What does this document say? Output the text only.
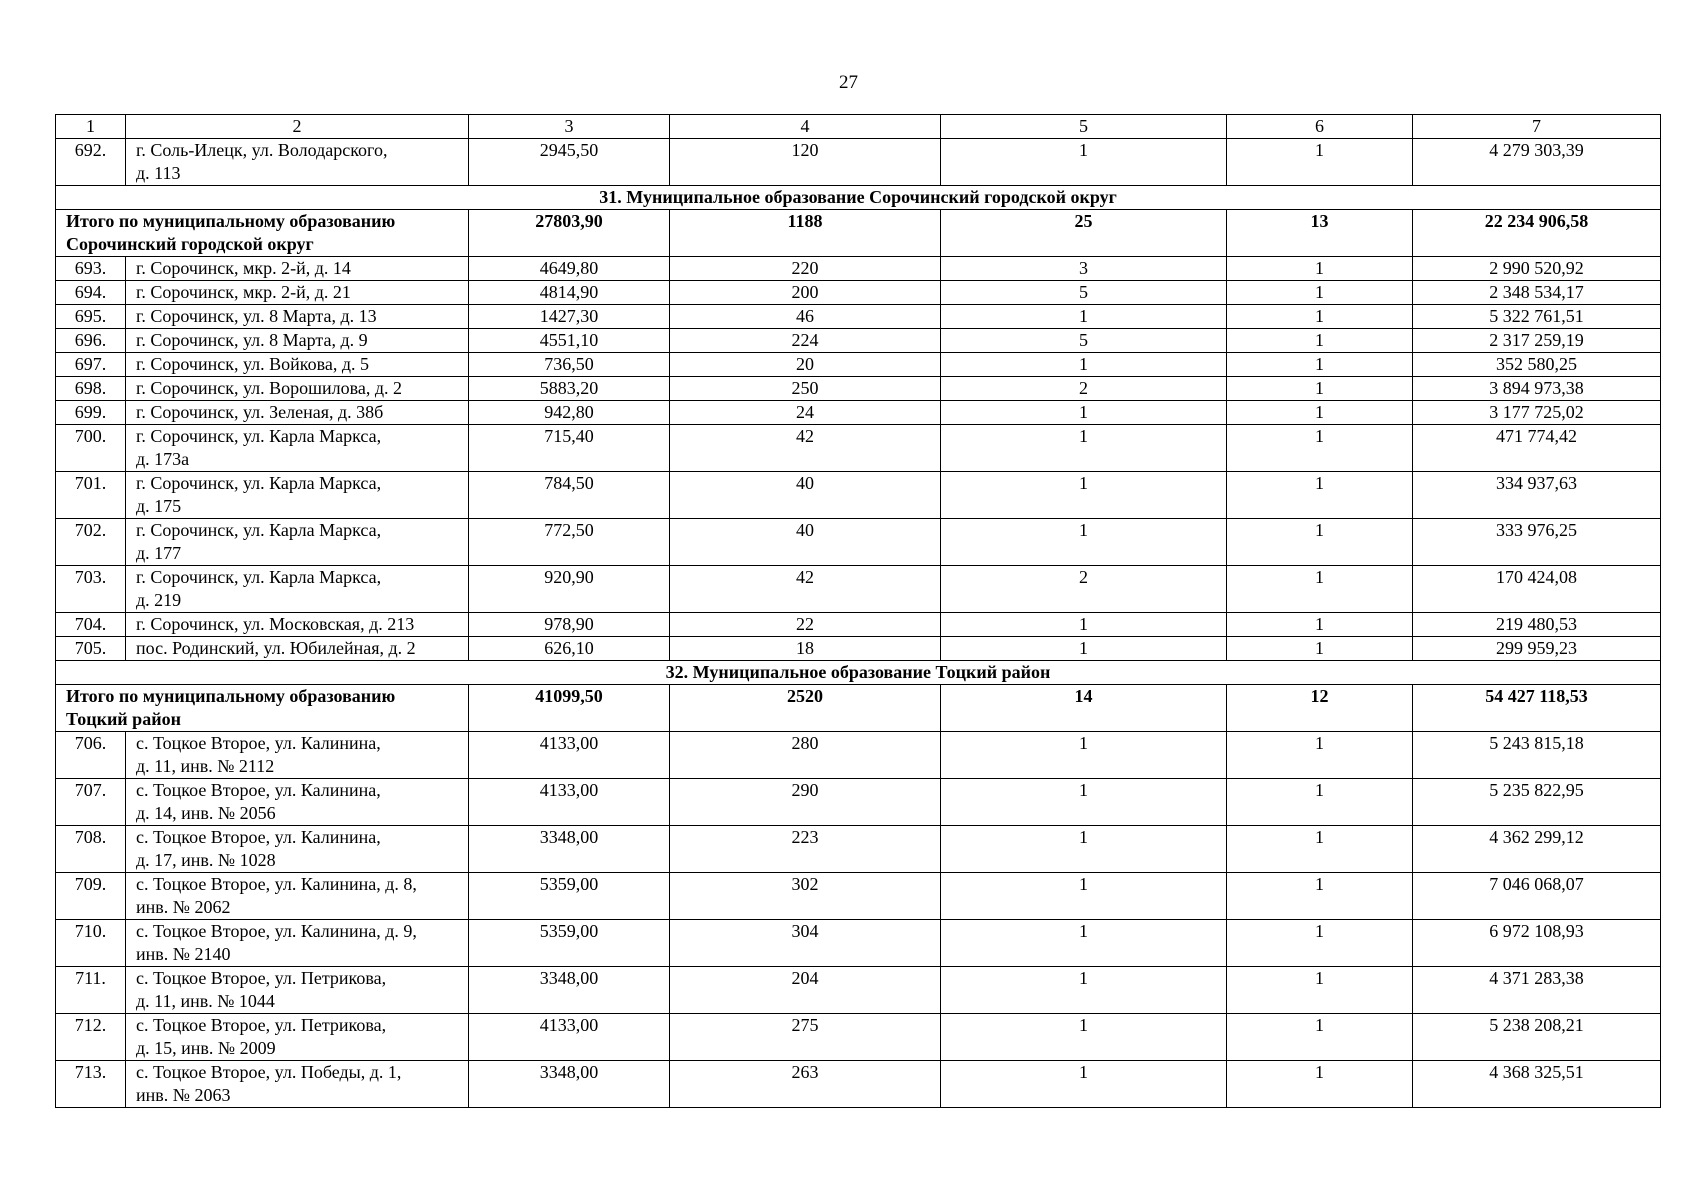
27
1	2	3	4	5	6	7
692.	г. Соль-Илецк, ул. Володарского,
д. 113	2945,50	120	1	1	4 279 303,39
31. Муниципальное образование Сорочинский городской округ						

Итого по муниципальному образованию
Сорочинский городской округ		27803,90	1188	25	13	22 234 906,58
693.	г. Сорочинск, мкр. 2-й, д. 14	4649,80	220	3	1	2 990 520,92
694.	г. Сорочинск, мкр. 2-й, д. 21	4814,90	200	5	1	2 348 534,17
695.	г. Сорочинск, ул. 8 Марта, д. 13	1427,30	46	1	1	5 322 761,51
696.	г. Сорочинск, ул. 8 Марта, д. 9	4551,10	224	5	1	2 317 259,19
697.	г. Сорочинск, ул. Войкова, д. 5	736,50	20	1	1	352 580,25
698.	г. Сорочинск, ул. Ворошилова, д. 2	5883,20	250	2	1	3 894 973,38
699.	г. Сорочинск, ул. Зеленая, д. 38б	942,80	24	1	1	3 177 725,02
700.	г. Сорочинск, ул. Карла Маркса,
д. 173а	715,40	42	1	1	471 774,42
701.	г. Сорочинск, ул. Карла Маркса,
д. 175	784,50	40	1	1	334 937,63
702.	г. Сорочинск, ул. Карла Маркса,
д. 177	772,50	40	1	1	333 976,25
703.	г. Сорочинск, ул. Карла Маркса,
д. 219	920,90	42	2	1	170 424,08
704.	г. Сорочинск, ул. Московская, д. 213	978,90	22	1	1	219 480,53
705.	пос. Родинский, ул. Юбилейная, д. 2	626,10	18	1	1	299 959,23
32. Муниципальное образование Тоцкий район						

Итого по муниципальному образованию
Тоцкий район		41099,50	2520	14	12	54 427 118,53
706.	с. Тоцкое Второе, ул. Калинина,
д. 11, инв. № 2112	4133,00	280	1	1	5 243 815,18
707.	с. Тоцкое Второе, ул. Калинина,
д. 14, инв. № 2056	4133,00	290	1	1	5 235 822,95
708.	с. Тоцкое Второе, ул. Калинина,
д. 17, инв. № 1028	3348,00	223	1	1	4 362 299,12
709.	с. Тоцкое Второе, ул. Калинина, д. 8,
инв. № 2062	5359,00	302	1	1	7 046 068,07
710.	с. Тоцкое Второе, ул. Калинина, д. 9,
инв. № 2140	5359,00	304	1	1	6 972 108,93
711.	с. Тоцкое Второе, ул. Петрикова,
д. 11, инв. № 1044	3348,00	204	1	1	4 371 283,38
712.	с. Тоцкое Второе, ул. Петрикова,
д. 15, инв. № 2009	4133,00	275	1	1	5 238 208,21
713.	с. Тоцкое Второе, ул. Победы, д. 1,
инв. № 2063	3348,00	263	1	1	4 368 325,51
